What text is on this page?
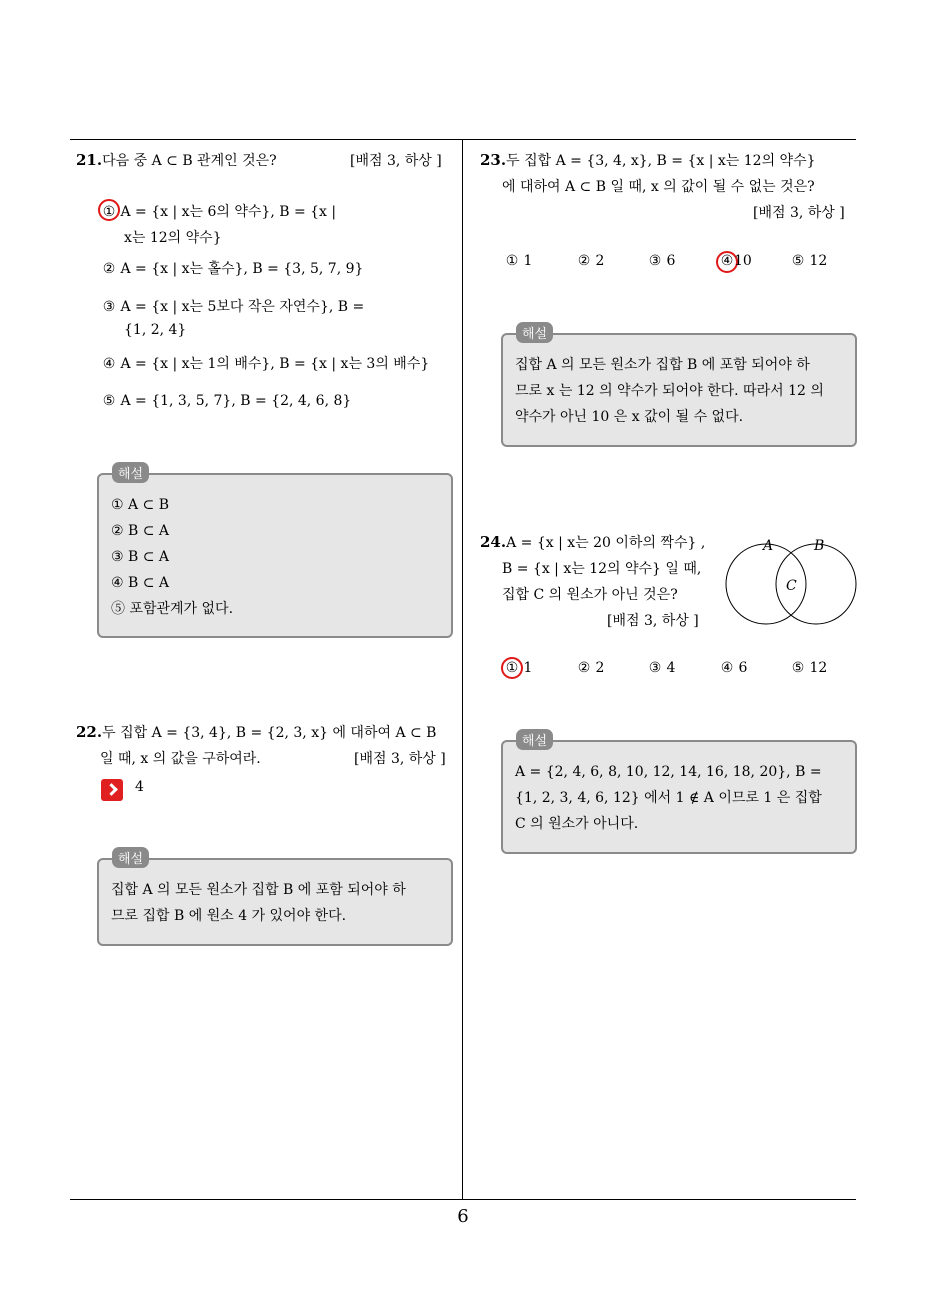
21.다음 중 A ⊂ B 관계인 것은?	[배점 3, 하상 ]
① A = {x | x는 6의 약수}, B = {x |
x는 12의 약수}
② A = {x | x는 홀수}, B = {3, 5, 7, 9}
③ A = {x | x는 5보다 작은 자연수}, B =
{1, 2, 4}
④ A = {x | x는 1의 배수}, B = {x | x는 3의 배수}
⑤ A = {1, 3, 5, 7}, B = {2, 4, 6, 8}
① A ⊂ B
② B ⊂ A
③ B ⊂ A
④ B ⊂ A
⑤ 포함관계가 없다.
해설
22.두 집합 A = {3, 4}, B = {2, 3, x} 에 대하여 A ⊂ B
일 때, x 의 값을 구하여라.	[배점 3, 하상 ]
4
집합 A 의 모든 원소가 집합 B 에 포함 되어야 하
므로 집합 B 에 원소 4 가 있어야 한다.
해설
23.두 집합 A = {3, 4, x}, B = {x | x는 12의 약수}
에 대하여 A ⊂ B 일 때, x 의 값이 될 수 없는 것은?
[배점 3, 하상 ]
① 1	② 2	③ 6	④10	⑤ 12
집합 A 의 모든 원소가 집합 B 에 포함 되어야 하
므로 x 는 12 의 약수가 되어야 한다. 따라서 12 의
약수가 아닌 10 은 x 값이 될 수 없다.
해설
24.A = {x | x는 20 이하의 짝수} ,
B = {x | x는 12의 약수} 일 때,
집합 C 의 원소가 아닌 것은?
[배점 3, 하상 ]
A	B
C
① 1	② 2	③ 4	④ 6	⑤ 12
A = {2, 4, 6, 8, 10, 12, 14, 16, 18, 20}, B =
{1, 2, 3, 4, 6, 12} 에서 1 ∉ A 이므로 1 은 집합
C 의 원소가 아니다.
해설
6
